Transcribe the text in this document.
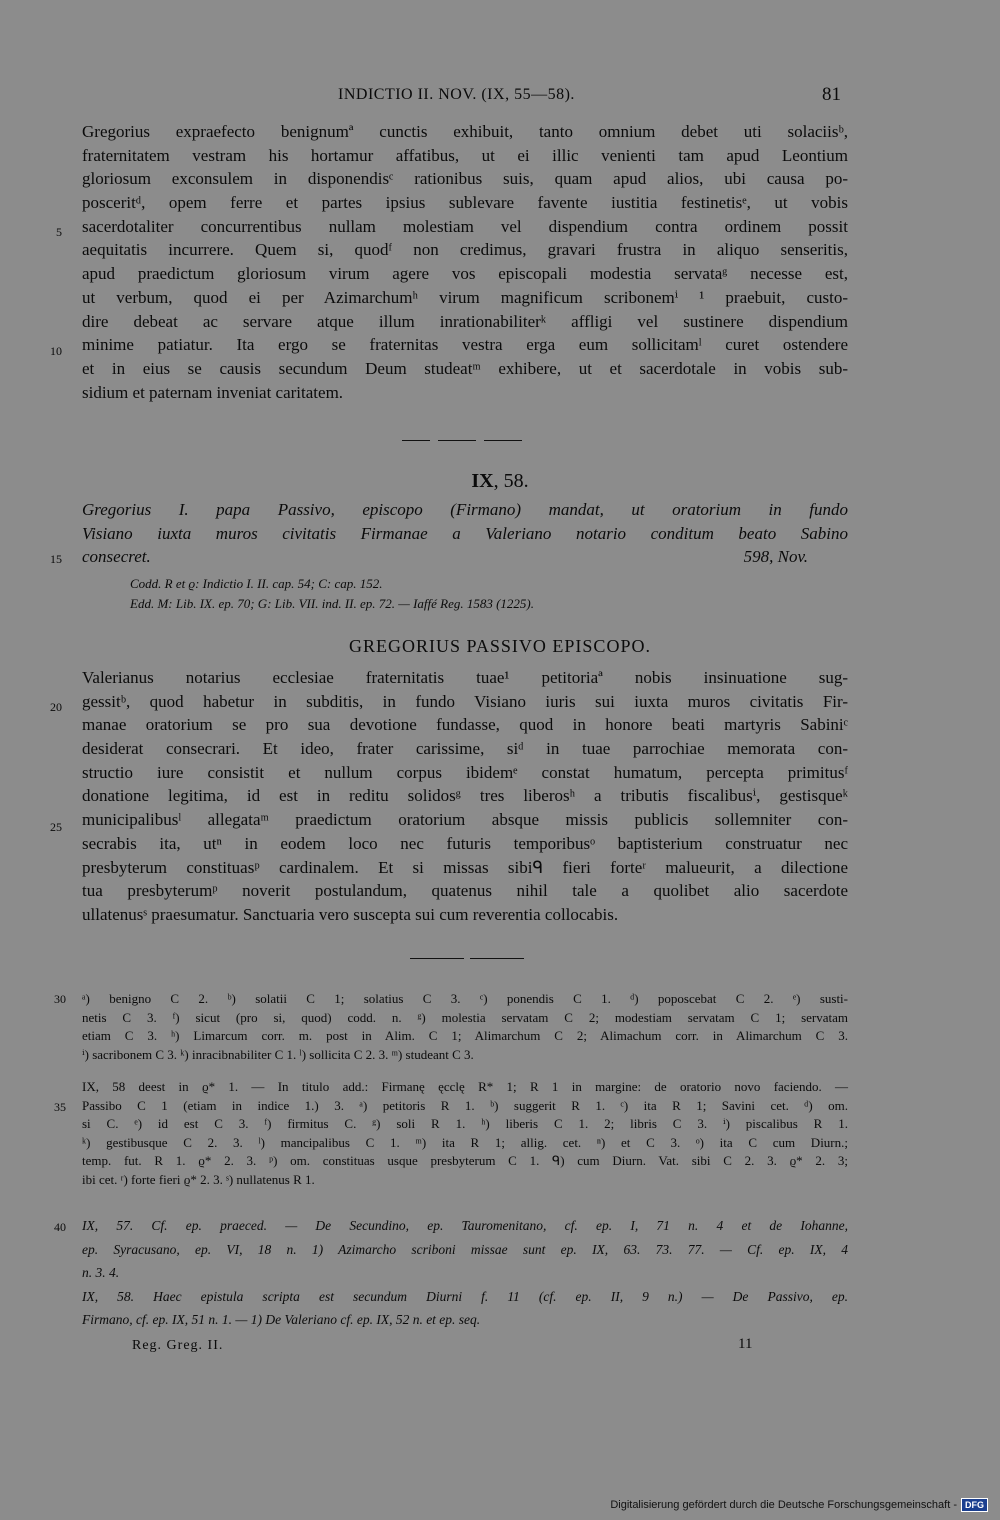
INDICTIO II. NOV. (IX, 55—58).	81
Gregorius expraefecto benignumª cunctis exhibuit, tanto omnium debet uti solaciisᵇ,
fraternitatem vestram his hortamur affatibus, ut ei illic venienti tam apud Leontium
gloriosum exconsulem in disponendisᶜ rationibus suis, quam apud alios, ubi causa po-
posceritᵈ, opem ferre et partes ipsius sublevare favente iustitia festinetisᵉ, ut vobis
sacerdotaliter concurrentibus nullam molestiam vel dispendium contra ordinem possit
aequitatis incurrere. Quem si, quodᶠ non credimus, gravari frustra in aliquo senseritis,
apud praedictum gloriosum virum agere vos episcopali modestia servataᵍ necesse est,
ut verbum, quod ei per Azimarchumʰ virum magnificum scribonemⁱ ¹ praebuit, custo-
dire debeat ac servare atque illum inrationabiliterᵏ affligi vel sustinere dispendium
minime patiatur. Ita ergo se fraternitas vestra erga eum sollicitamˡ curet ostendere
et in eius se causis secundum Deum studeatᵐ exhibere, ut et sacerdotale in vobis sub-
sidium et paternam inveniat caritatem.
5
10
IX, 58.
Gregorius I. papa Passivo, episcopo (Firmano) mandat, ut oratorium in fundo
Visiano iuxta muros civitatis Firmanae a Valeriano notario conditum beato Sabino
consecret.	598, Nov.
15
Codd. R et ϱ: Indictio I. II. cap. 54; C: cap. 152.
Edd. M: Lib. IX. ep. 70; G: Lib. VII. ind. II. ep. 72. — Iaffé Reg. 1583 (1225).
GREGORIUS PASSIVO EPISCOPO.
Valerianus notarius ecclesiae fraternitatis tuae¹ petitoriaª nobis insinuatione sug-
gessitᵇ, quod habetur in subditis, in fundo Visiano iuris sui iuxta muros civitatis Fir-
manae oratorium se pro sua devotione fundasse, quod in honore beati martyris Sabiniᶜ
desiderat consecrari. Et ideo, frater carissime, siᵈ in tuae parrochiae memorata con-
structio iure consistit et nullum corpus ibidemᵉ constat humatum, percepta primitusᶠ
donatione legitima, id est in reditu solidosᵍ tres liberosʰ a tributis fiscalibusⁱ, gestisqueᵏ
municipalibusˡ allegataᵐ praedictum oratorium absque missis publicis sollemniter con-
secrabis ita, utⁿ in eodem loco nec futuris temporibusᵒ baptisterium construatur nec
presbyterum constituasᵖ cardinalem. Et si missas sibiᑫ fieri forteʳ malueurit, a dilectione
tua presbyterumᵖ noverit postulandum, quatenus nihil tale a quolibet alio sacerdote
ullatenusˢ praesumatur. Sanctuaria vero suscepta sui cum reverentia collocabis.
20
25
ᵃ) benigno C 2. ᵇ) solatii C 1; solatius C 3. ᶜ) ponendis C 1. ᵈ) poposcebat C 2. ᵉ) susti-
netis C 3. ᶠ) sicut (pro si, quod) codd. n. ᵍ) molestia servatam C 2; modestiam servatam C 1; servatam
etiam C 3. ʰ) Limarcum corr. m. post in Alim. C 1; Alimarchum C 2; Alimachum corr. in Alimarchum C 3.
ⁱ) sacribonem C 3. ᵏ) inracibnabiliter C 1. ˡ) sollicita C 2. 3. ᵐ) studeant C 3.
30
IX, 58 deest in ϱ* 1. — In titulo add.: Firmanę ęcclę R* 1; R 1 in margine: de oratorio novo faciendo. —
Passibo C 1 (etiam in indice 1.) 3. ᵃ) petitoris R 1. ᵇ) suggerit R 1. ᶜ) ita R 1; Savini cet. ᵈ) om.
si C. ᵉ) id est C 3. ᶠ) firmitus C. ᵍ) soli R 1. ʰ) liberis C 1. 2; libris C 3. ⁱ) piscalibus R 1.
ᵏ) gestibusque C 2. 3. ˡ) mancipalibus C 1. ᵐ) ita R 1; allig. cet. ⁿ) et C 3. ᵒ) ita C cum Diurn.;
temp. fut. R 1. ϱ* 2. 3. ᵖ) om. constituas usque presbyterum C 1. ᑫ) cum Diurn. Vat. sibi C 2. 3. ϱ* 2. 3;
ibi cet. ʳ) forte fieri ϱ* 2. 3. ˢ) nullatenus R 1.
35
IX, 57. Cf. ep. praeced. — De Secundino, ep. Tauromenitano, cf. ep. I, 71 n. 4 et de Iohanne,
ep. Syracusano, ep. VI, 18 n. 1) Azimarcho scriboni missae sunt ep. IX, 63. 73. 77. — Cf. ep. IX, 4
n. 3. 4.
IX, 58. Haec epistula scripta est secundum Diurni f. 11 (cf. ep. II, 9 n.) — De Passivo, ep.
Firmano, cf. ep. IX, 51 n. 1. — 1) De Valeriano cf. ep. IX, 52 n. et ep. seq.
40
Reg. Greg. II.	11
Digitalisierung gefördert durch die Deutsche Forschungsgemeinschaft - DFG
